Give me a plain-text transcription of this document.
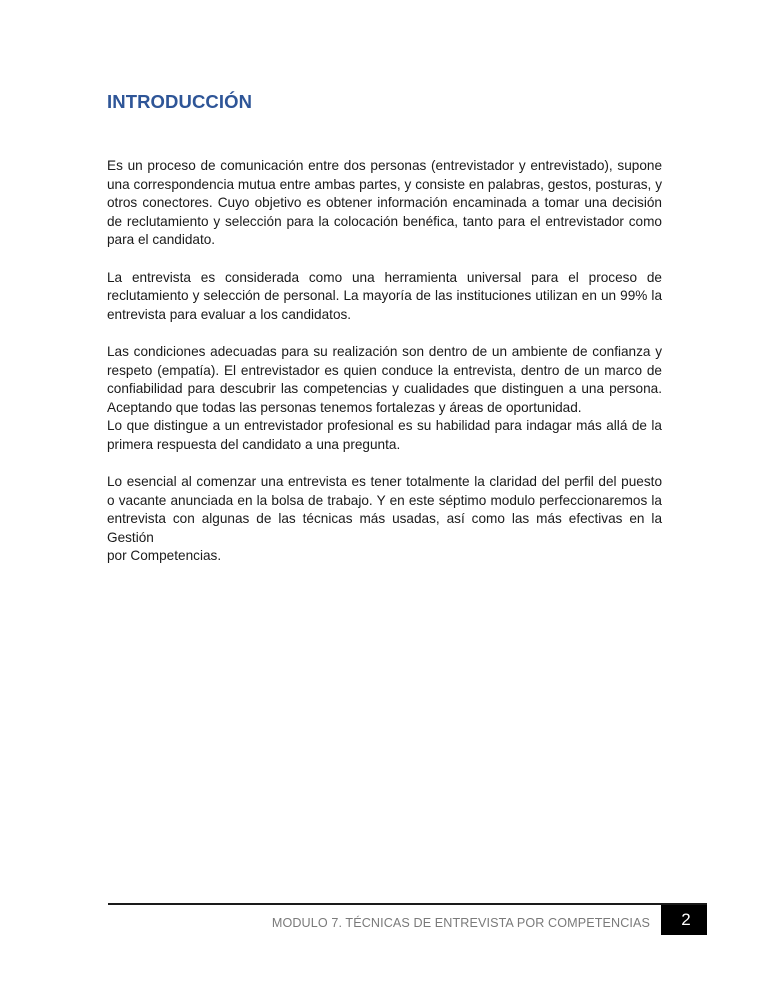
INTRODUCCIÓN

Es un proceso de comunicación entre dos personas (entrevistador y entrevistado), supone
una correspondencia mutua entre ambas partes, y consiste en palabras, gestos, posturas, y
otros conectores. Cuyo objetivo es obtener información encaminada a tomar una decisión
de reclutamiento y selección para la colocación benéfica, tanto para el entrevistador como
para el candidato.

La entrevista es considerada como una herramienta universal para el proceso de
reclutamiento y selección de personal. La mayoría de las instituciones utilizan en un 99% la
entrevista para evaluar a los candidatos.

Las condiciones adecuadas para su realización son dentro de un ambiente de confianza y
respeto (empatía). El entrevistador es quien conduce la entrevista, dentro de un marco de
confiabilidad para descubrir las competencias y cualidades que distinguen a una persona.
Aceptando que todas las personas tenemos fortalezas y áreas de oportunidad.
Lo que distingue a un entrevistador profesional es su habilidad para indagar más allá de la
primera respuesta del candidato a una pregunta.

Lo esencial al comenzar una entrevista es tener totalmente la claridad del perfil del puesto
o vacante anunciada en la bolsa de trabajo. Y en este séptimo modulo perfeccionaremos la
entrevista con algunas de las técnicas más usadas, así como las más efectivas en la Gestión
por Competencias.

MODULO 7. TÉCNICAS DE ENTREVISTA POR COMPETENCIAS	2
